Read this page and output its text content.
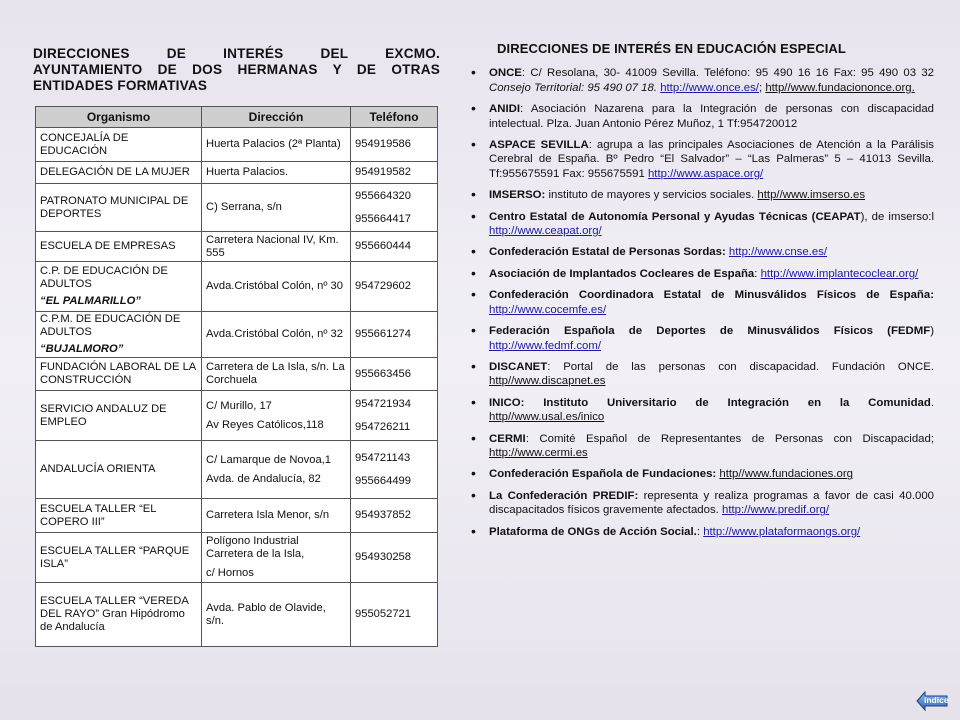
DIRECCIONES DE INTERÉS DEL EXCMO.
AYUNTAMIENTO DE DOS HERMANAS Y DE OTRAS
ENTIDADES FORMATIVAS
Organismo	Dirección	Teléfono

CONCEJALÍA DE EDUCACIÓN	Huerta Palacios (2ª Planta)	954919586

DELEGACIÓN DE LA MUJER	Huerta Palacios.	954919582

PATRONATO MUNICIPAL DE DEPORTES	C) Serrana, s/n	955664320
955664417

ESCUELA DE EMPRESAS	Carretera Nacional IV, Km. 555	955660444

C.P. DE EDUCACIÓN DE ADULTOS
“EL PALMARILLO”	Avda.Cristóbal Colón, nº 30	954729602

C.P.M. DE EDUCACIÓN DE ADULTOS
“BUJALMORO”	Avda.Cristóbal Colón, nº 32	955661274

FUNDACIÓN LABORAL DE LA CONSTRUCCIÓN	Carretera de La Isla, s/n. La Corchuela	955663456

SERVICIO ANDALUZ DE EMPLEO	C/ Murillo, 17
Av Reyes Católicos,118	954721934
954726211

ANDALUCÍA ORIENTA	C/ Lamarque de Novoa,1
Avda. de Andalucía, 82	954721143
955664499

ESCUELA TALLER “EL COPERO III”	Carretera Isla Menor, s/n	954937852

ESCUELA TALLER “PARQUE ISLA”	Polígono Industrial Carretera de la Isla,
c/ Hornos	954930258

ESCUELA TALLER “VEREDA DEL RAYO” Gran Hipódromo de Andalucía	Avda. Pablo de Olavide, s/n.	955052721
DIRECCIONES DE INTERÉS EN EDUCACIÓN ESPECIAL
• ONCE: C/ Resolana, 30- 41009 Sevilla. Teléfono: 95 490 16 16 Fax: 95 490 03 32 Consejo Territorial: 95 490 07 18. http://www.once.es/; http//www.fundaciononce.org.
• ANIDI: Asociación Nazarena para la Integración de personas con discapacidad intelectual. Plza. Juan Antonio Pérez Muñoz, 1 Tf:954720012
• ASPACE SEVILLA: agrupa a las principales Asociaciones de Atención a la Parálisis Cerebral de España. Bº Pedro “El Salvador” – “Las Palmeras” 5 – 41013 Sevilla. Tf:955675591 Fax: 955675591 http://www.aspace.org/
• IMSERSO: instituto de mayores y servicios sociales. http//www.imserso.es
• Centro Estatal de Autonomía Personal y Ayudas Técnicas (CEAPAT), de imserso:l http://www.ceapat.org/
• Confederación Estatal de Personas Sordas: http://www.cnse.es/
• Asociación de Implantados Cocleares de España: http://www.implantecoclear.org/
• Confederación Coordinadora Estatal de Minusválidos Físicos de España: http://www.cocemfe.es/
• Federación Española de Deportes de Minusválidos Físicos (FEDMF) http://www.fedmf.com/
• DISCANET: Portal de las personas con discapacidad. Fundación ONCE. http//www.discapnet.es
• INICO: Instituto Universitario de Integración en la Comunidad. http//www.usal.es/inico
• CERMI: Comité Español de Representantes de Personas con Discapacidad; http://www.cermi.es
• Confederación Española de Fundaciones: http//www.fundaciones.org
• La Confederación PREDIF: representa y realiza programas a favor de casi 40.000 discapacitados físicos gravemente afectados. http://www.predif.org/
• Plataforma de ONGs de Acción Social.: http://www.plataformaongs.org/
índice
